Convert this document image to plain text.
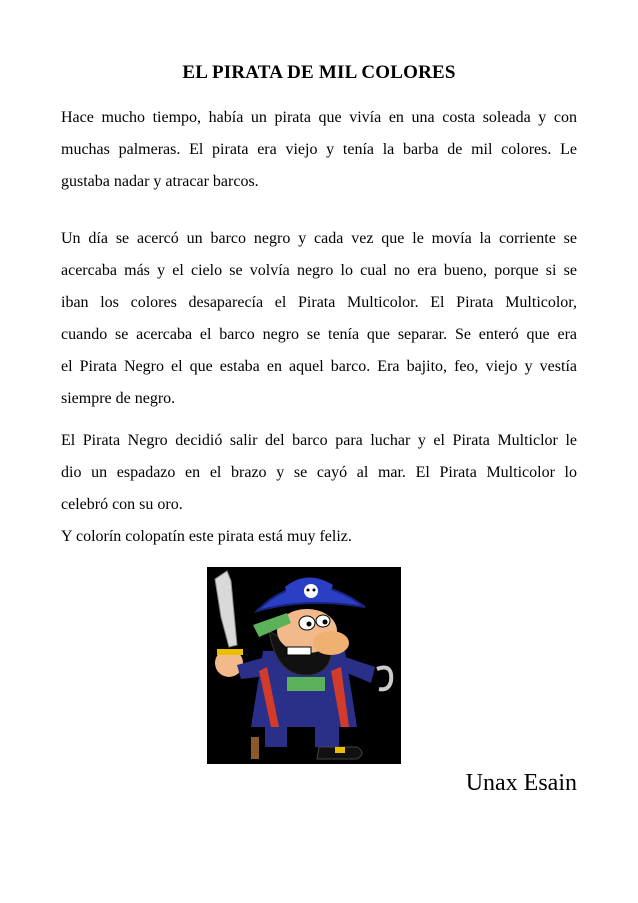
EL PIRATA DE MIL COLORES
Hace mucho tiempo, había un pirata que vivía en una costa soleada y con
muchas palmeras. El pirata era viejo y tenía la barba de mil colores. Le
gustaba nadar y atracar barcos.
Un día se acercó un barco negro y cada vez que le movía la corriente se
acercaba más y el cielo se volvía negro lo cual no era bueno, porque si se
iban los colores desaparecía el Pirata Multicolor. El Pirata Multicolor,
cuando se acercaba el barco negro se tenía que separar. Se enteró que era
el Pirata Negro el que estaba en aquel barco. Era bajito, feo, viejo y vestía
siempre de negro.
El Pirata Negro decidió salir del barco para luchar y el Pirata Multiclor le
dio un espadazo en el brazo y se cayó al mar. El Pirata Multicolor lo
celebró con su oro.
Y colorín colopatín este pirata está muy feliz.
Unax Esain
